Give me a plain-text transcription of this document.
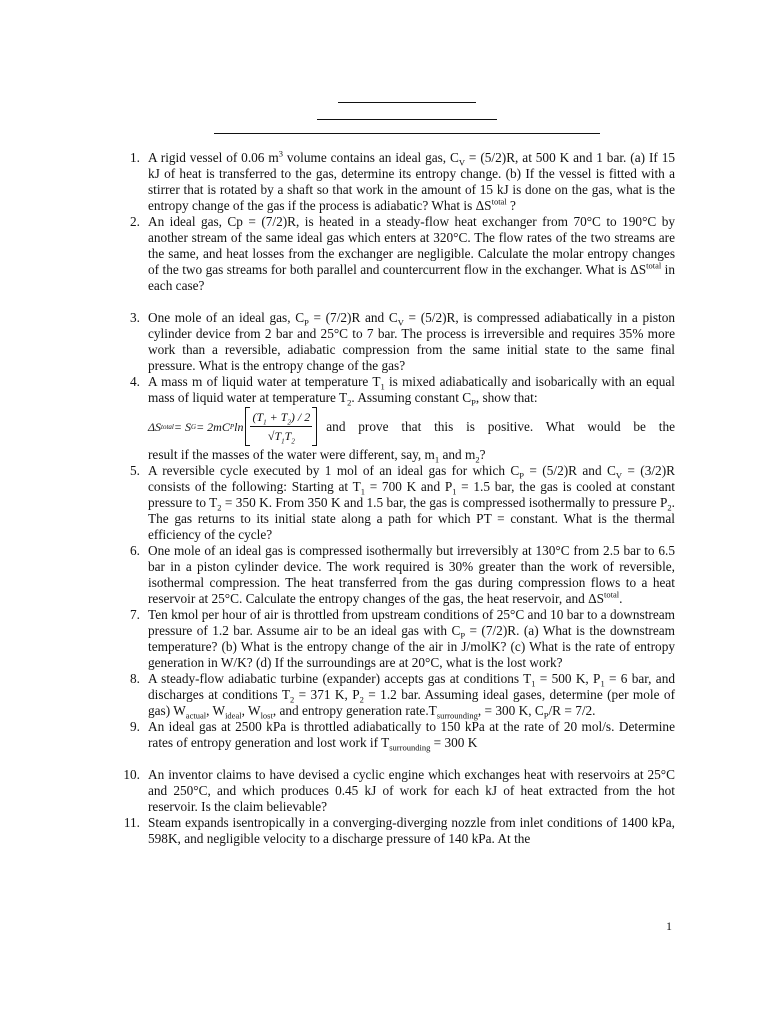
1. A rigid vessel of 0.06 $m^3$ volume contains an ideal gas, $C_V = (5/2)R$, at 500 K and 1 bar. (a) If 15 kJ of heat is transferred to the gas, determine its entropy change. (b) If the vessel is fitted with a stirrer that is rotated by a shaft so that work in the amount of 15 kJ is done on the gas, what is the entropy change of the gas if the process is adiabatic? What is $\Delta S^{total}$ ?
2. An ideal gas, Cp = (7/2)R, is heated in a steady-flow heat exchanger from 70°C to 190°C by another stream of the same ideal gas which enters at 320°C. The flow rates of the two streams are the same, and heat losses from the exchanger are negligible. Calculate the molar entropy changes of the two gas streams for both parallel and countercurrent flow in the exchanger. What is $\Delta S^{total}$ in each case?
3. One mole of an ideal gas, $C_P = (7/2)R$ and $C_V = (5/2)R$, is compressed adiabatically in a piston cylinder device from 2 bar and 25°C to 7 bar. The process is irreversible and requires 35% more work than a reversible, adiabatic compression from the same initial state to the same final pressure. What is the entropy change of the gas?
4. A mass m of liquid water at temperature $T_1$ is mixed adiabatically and isobarically with an equal mass of liquid water at temperature $T_2$. Assuming constant $C_P$, show that:
ΔS total = S G = 2mC P $\ln \frac{(T_1 + T_2) / 2}{√T_1T_2}$ and prove that this is positive. What would be the
result if the masses of the water were different, say, $m_1$ and $m_2$?
5. A reversible cycle executed by 1 mol of an ideal gas for which $C_P = (5/2)R$ and $C_V = (3/2)R$ consists of the following: Starting at $T_1 = 700$ K and $P_1 = 1.5$ bar, the gas is cooled at constant pressure to $T_2 = 350$ K. From 350 K and 1.5 bar, the gas is compressed isothermally to pressure $P_2$. The gas returns to its initial state along a path for which PT = constant. What is the thermal efficiency of the cycle?
6. One mole of an ideal gas is compressed isothermally but irreversibly at 130°C from 2.5 bar to 6.5 bar in a piston cylinder device. The work required is 30% greater than the work of reversible, isothermal compression. The heat transferred from the gas during compression flows to a heat reservoir at 25°C. Calculate the entropy changes of the gas, the heat reservoir, and $\Delta S^{total}$.
7. Ten kmol per hour of air is throttled from upstream conditions of 25°C and 10 bar to a downstream pressure of 1.2 bar. Assume air to be an ideal gas with $C_P = (7/2)R$. (a) What is the downstream temperature? (b) What is the entropy change of the air in J/molK? (c) What is the rate of entropy generation in W/K? (d) If the surroundings are at 20°C, what is the lost work?
8. A steady-flow adiabatic turbine (expander) accepts gas at conditions $T_1 = 500$ K, $P_1 = 6$ bar, and discharges at conditions $T_2 = 371$ K, $P_2 = 1.2$ bar. Assuming ideal gases, determine (per mole of gas) $W_{actual}$, $W_{ideal}$, $W_{lost}$, and entropy generation $rate.T_{surrounding}$, = 300 K, $C_P/R = 7/2$.
9. An ideal gas at 2500 kPa is throttled adiabatically to 150 kPa at the rate of 20 mol/s. Determine rates of entropy generation and lost work if $T_{surrounding} = 300$ K
10. An inventor claims to have devised a cyclic engine which exchanges heat with reservoirs at 25°C and 250°C, and which produces 0.45 kJ of work for each kJ of heat extracted from the hot reservoir. Is the claim believable?
11. Steam expands isentropically in a converging-diverging nozzle from inlet conditions of 1400 kPa, 598K, and negligible velocity to a discharge pressure of 140 kPa. At the
1
